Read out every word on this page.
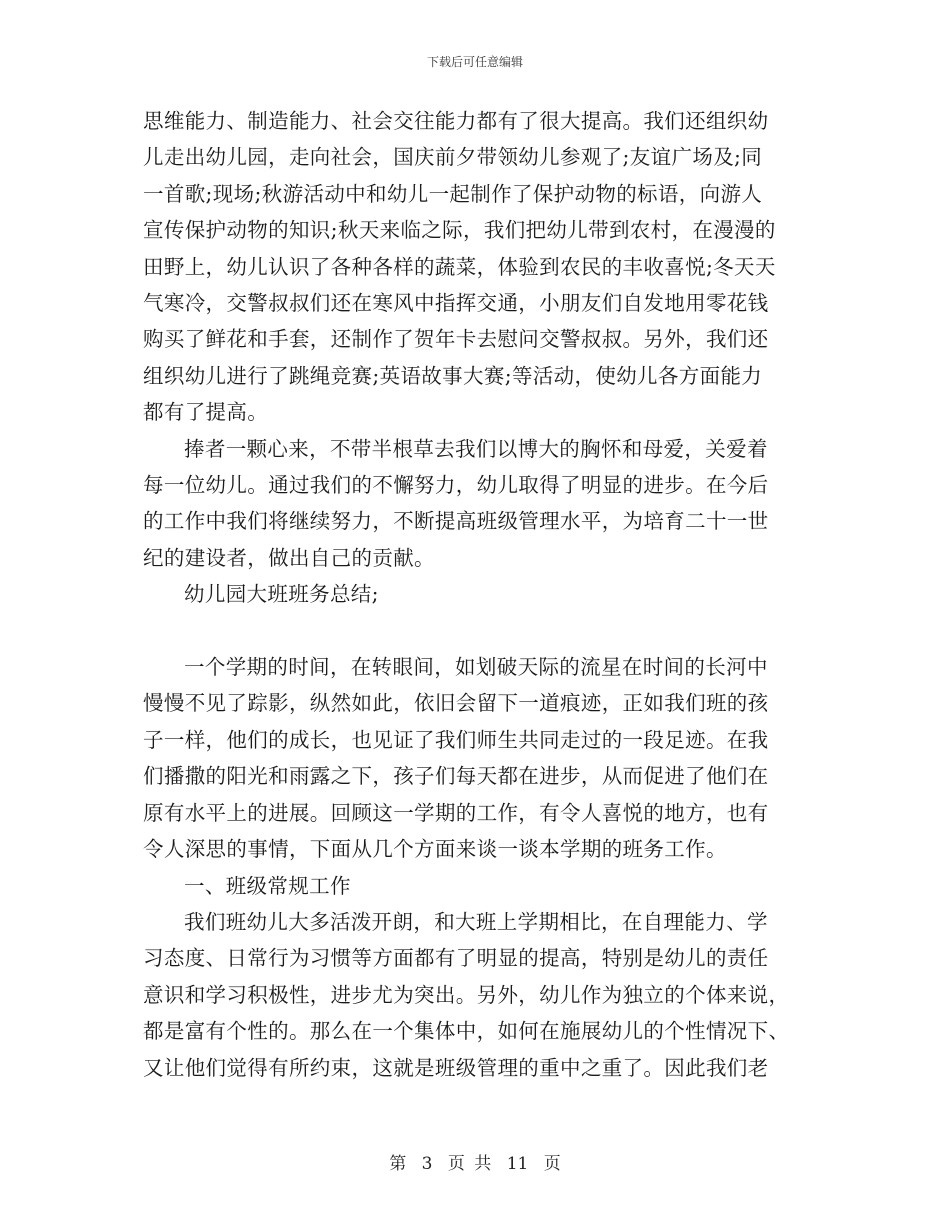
下载后可任意编辑

思维能力、制造能力、社会交往能力都有了很大提高。我们还组织幼

儿走出幼儿园，走向社会，国庆前夕带领幼儿参观了;友谊广场及;同

一首歌;现场;秋游活动中和幼儿一起制作了保护动物的标语，向游人

宣传保护动物的知识;秋天来临之际，我们把幼儿带到农村，在漫漫的

田野上，幼儿认识了各种各样的蔬菜，体验到农民的丰收喜悦;冬天天

气寒冷，交警叔叔们还在寒风中指挥交通，小朋友们自发地用零花钱

购买了鲜花和手套，还制作了贺年卡去慰问交警叔叔。另外，我们还

组织幼儿进行了跳绳竞赛;英语故事大赛;等活动，使幼儿各方面能力

都有了提高。

捧者一颗心来，不带半根草去我们以博大的胸怀和母爱，关爱着

每一位幼儿。通过我们的不懈努力，幼儿取得了明显的进步。在今后

的工作中我们将继续努力，不断提高班级管理水平，为培育二十一世

纪的建设者，做出自己的贡献。

幼儿园大班班务总结;

一个学期的时间，在转眼间，如划破天际的流星在时间的长河中

慢慢不见了踪影，纵然如此，依旧会留下一道痕迹，正如我们班的孩

子一样，他们的成长，也见证了我们师生共同走过的一段足迹。在我

们播撒的阳光和雨露之下，孩子们每天都在进步，从而促进了他们在

原有水平上的进展。回顾这一学期的工作，有令人喜悦的地方，也有

令人深思的事情，下面从几个方面来谈一谈本学期的班务工作。

一、班级常规工作

我们班幼儿大多活泼开朗，和大班上学期相比，在自理能力、学

习态度、日常行为习惯等方面都有了明显的提高，特别是幼儿的责任

意识和学习积极性，进步尤为突出。另外，幼儿作为独立的个体来说，

都是富有个性的。那么在一个集体中，如何在施展幼儿的个性情况下、

又让他们觉得有所约束，这就是班级管理的重中之重了。因此我们老

第 3 页 共 11 页
